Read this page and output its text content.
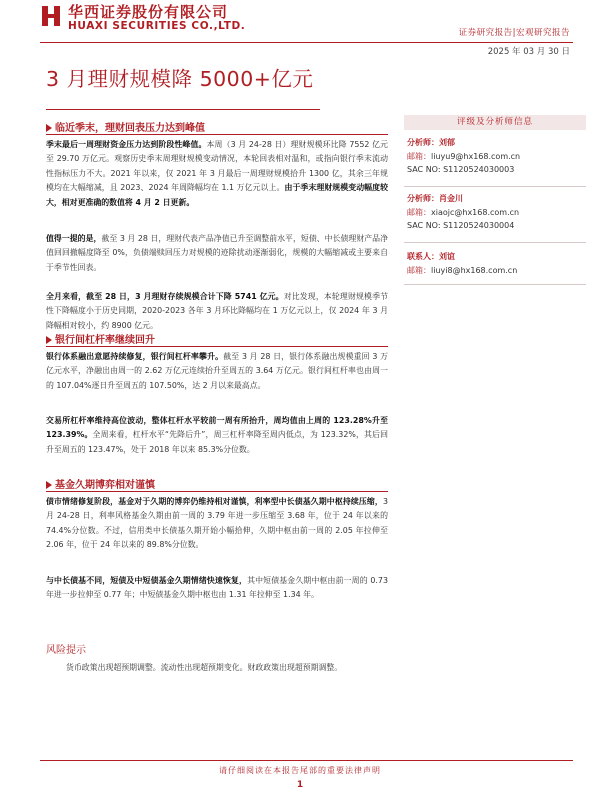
华西证券股份有限公司
HUAXI SECURITIES CO.,LTD.
证券研究报告|宏观研究报告
2025 年 03 月 30 日
3 月理财规模降 5000+亿元
临近季末，理财回表压力达到峰值
季末最后一周理财资金压力达到阶段性峰值。本周（3 月 24-28 日）理财规模环比降 7552 亿元至 29.70 万亿元。观察历史季末周理财规模变动情况，本轮回表相对温和，或指向银行季末流动性指标压力不大。2021 年以来，仅 2021 年 3 月最后一周理财规模拾升 1300 亿，其余三年规模均在大幅缩减，且 2023、2024 年周降幅均在 1.1 万亿元以上。由于季末理财规模变动幅度较大，相对更准确的数值将 4 月 2 日更新。
值得一提的是，截至 3 月 28 日，理财代表产品净值已升至调整前水平，短债、中长债理财产品净值回回撤幅度降至 0%，负债端赎回压力对规模的迹除扰动逐渐弱化，规模的大幅缩减或主要来自于季节性回表。
全月来看，截至 28 日，3 月理财存续规模合计下降 5741 亿元。对比发现，本轮理财规模季节性下降幅度小于历史同期，2020-2023 各年 3 月环比降幅均在 1 万亿元以上，仅 2024 年 3 月降幅相对较小，约 8900 亿元。
银行间杠杆率继续回升
银行体系融出意愿持续修复，银行间杠杆率攀升。截至 3 月 28 日，银行体系融出规模重回 3 万亿元水平，净融出由周一的 2.62 万亿元连续抬升至周五的 3.64 万亿元。银行间杠杆率也由周一的 107.04%逐日升至周五的 107.50%，达 2 月以来最高点。
交易所杠杆率维持高位波动，整体杠杆水平较前一周有所抬升，周均值由上周的 123.28%升至 123.39%。全周来看，杠杆水平“先降后升”，周三杠杆率降至周内低点，为 123.32%，其后回升至周五的 123.47%，处于 2018 年以来 85.3%分位数。
基金久期博弈相对谨慎
债市情绪修复阶段，基金对于久期的博弈仍维持相对谨慎，利率型中长债基久期中枢持续压缩，3 月 24-28 日，利率风格基金久期由前一周的 3.79 年进一步压缩至 3.68 年，位于 24 年以来的 74.4%分位数。不过，信用类中长债基久期开始小幅拾伸，久期中枢由前一周的 2.05 年拉伸至 2.06 年，位于 24 年以来的 89.8%分位数。
与中长债基不同，短债及中短债基金久期情绪快速恢复，其中短债基金久期中枢由前一周的 0.73 年进一步拉伸至 0.77 年；中短债基金久期中枢也由 1.31 年拉伸至 1.34 年。
评级及分析师信息
分析师：刘郁
邮箱：liuyu9@hx168.com.cn
SAC NO: S1120524030003
分析师：肖金川
邮箱：xiaojc@hx168.com.cn
SAC NO: S1120524030004
联系人：刘谊
邮箱：liuyi8@hx168.com.cn
风险提示
货币政策出现超预期调整。流动性出现超预期变化。财政政策出现超预期调整。
请仔细阅读在本报告尾部的重要法律声明
1
